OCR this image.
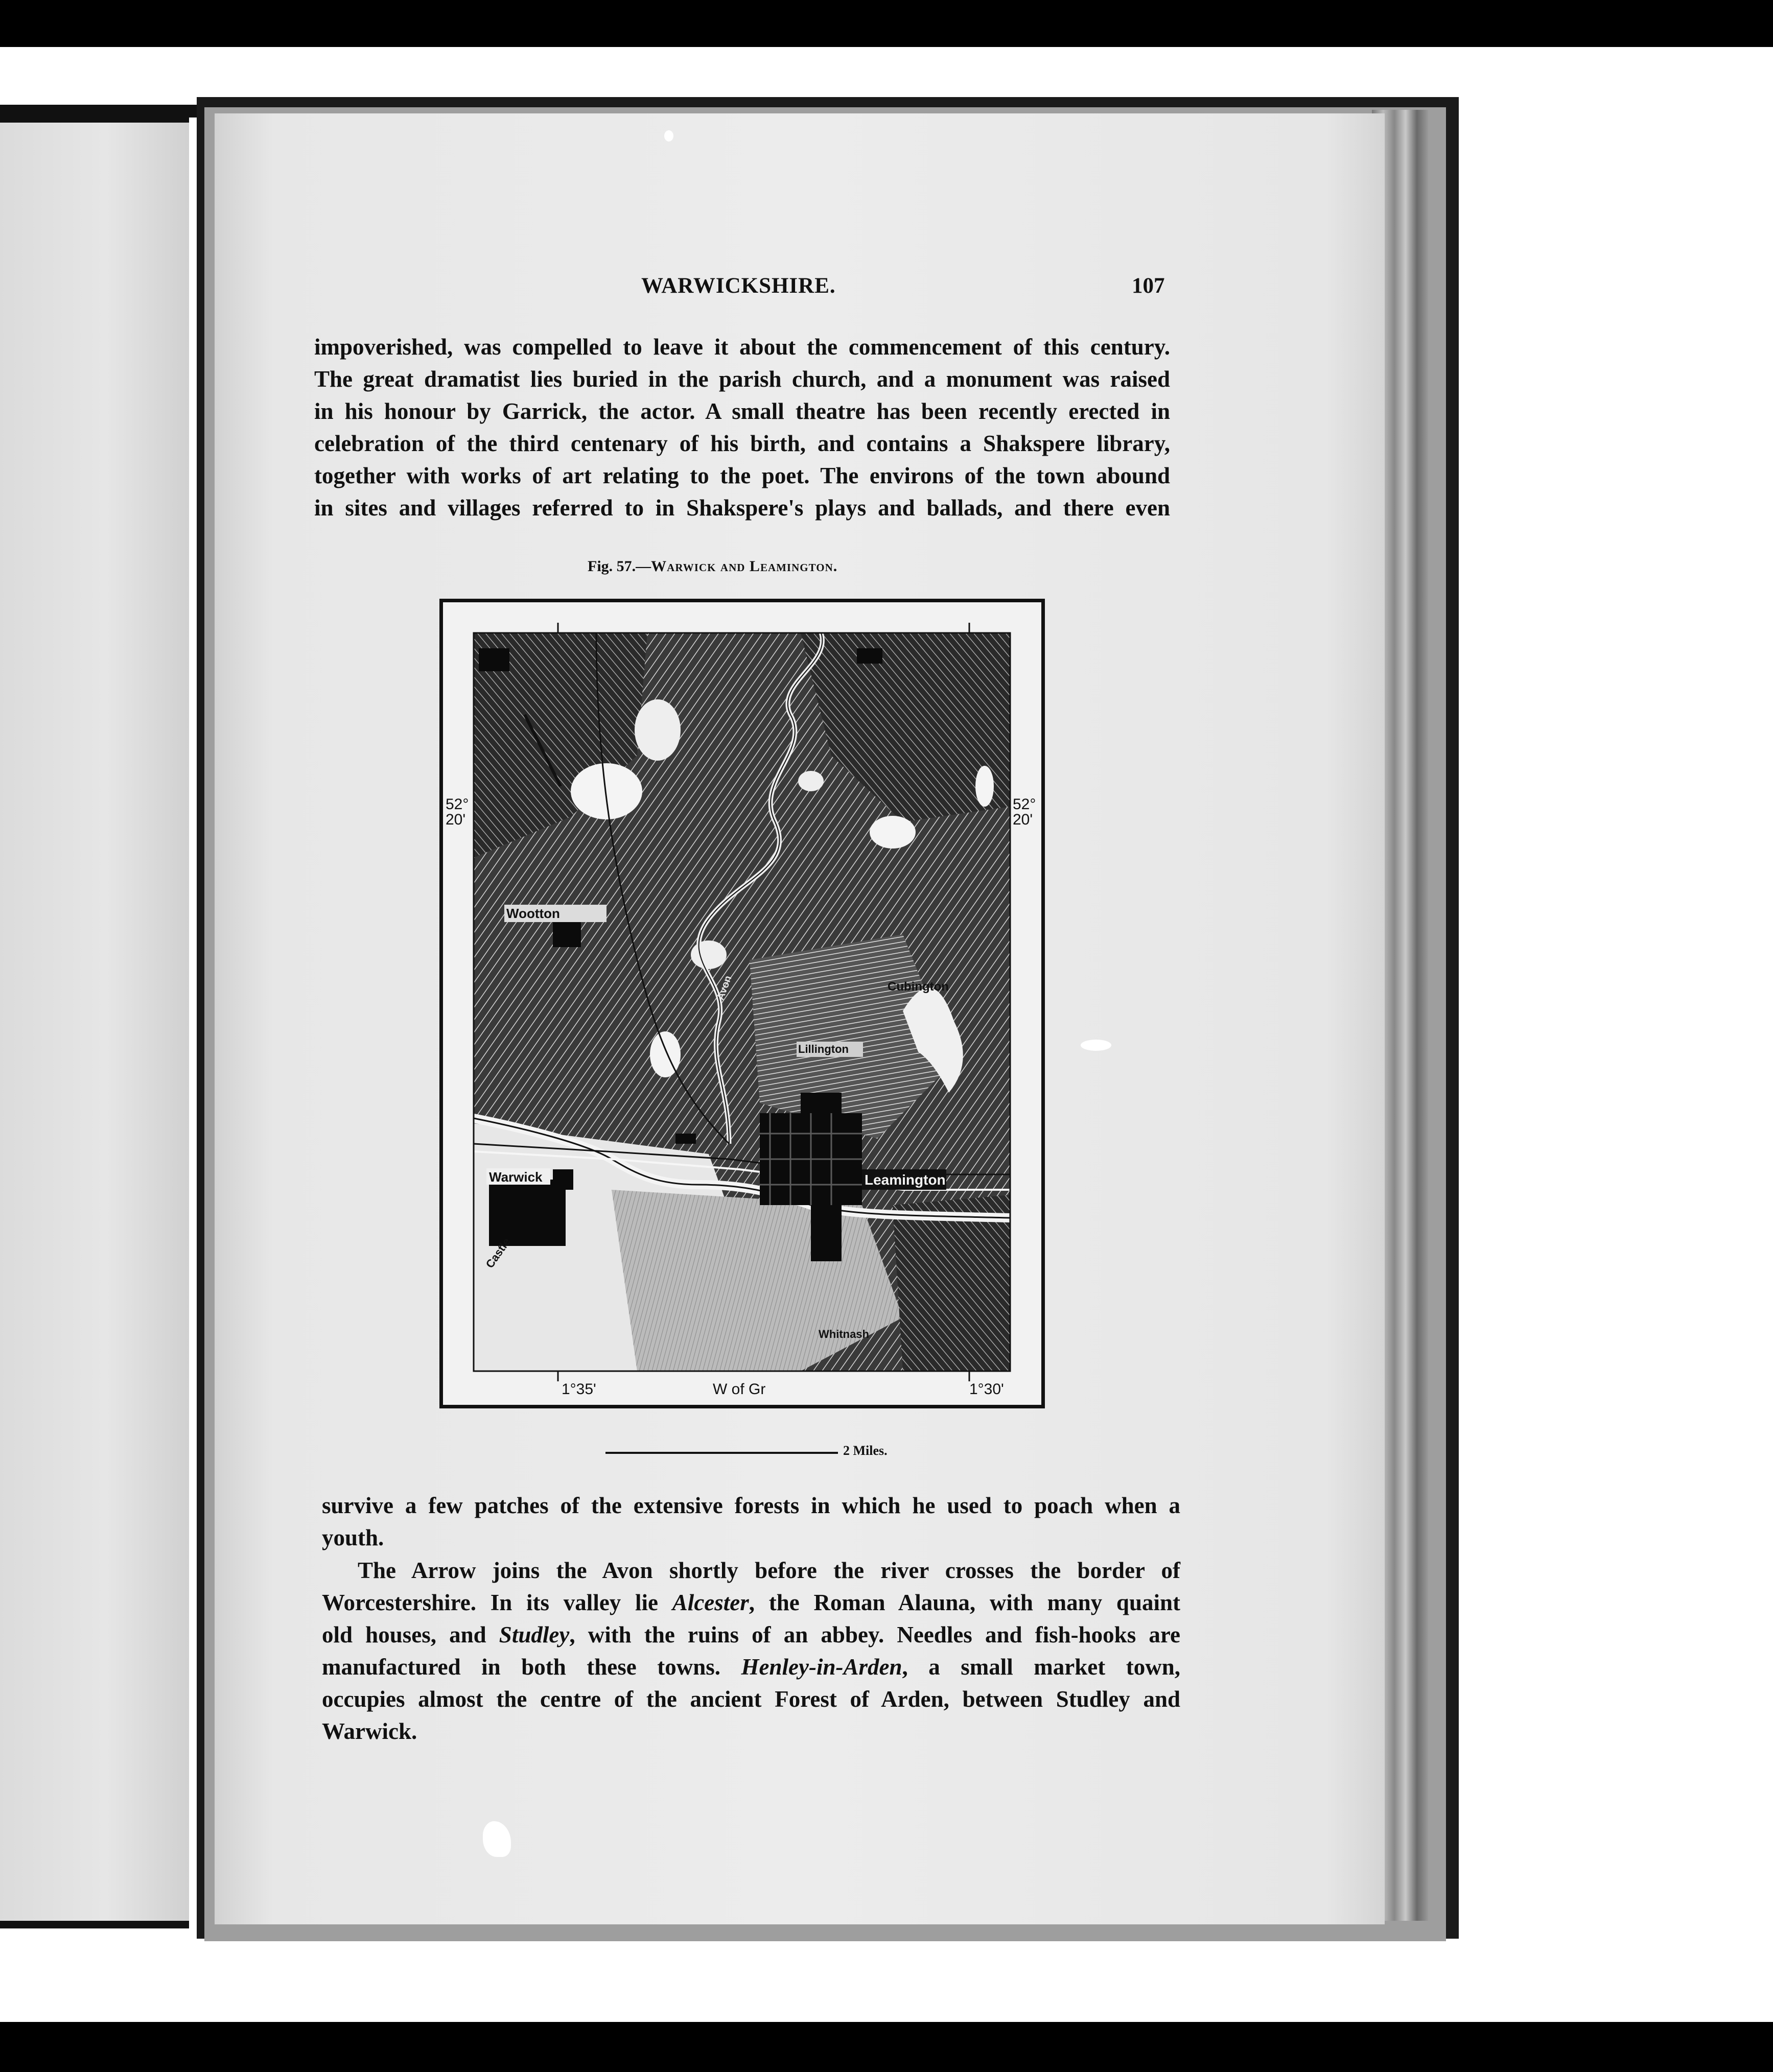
WARWICKSHIRE.	107
impoverished, was compelled to leave it about the commencement of this century.
The great dramatist lies buried in the parish church, and a monument was raised
in his honour by Garrick, the actor. A small theatre has been recently erected in
celebration of the third centenary of his birth, and contains a Shakspere library,
together with works of art relating to the poet. The environs of the town abound
in sites and villages referred to in Shakspere's plays and ballads, and there even
Fig. 57.—Warwick and Leamington.
Wootton
Cubington
Lillington
Leamington
Warwick
Castle
Whitnash
Avon
52°
20'
52°
20'
1°35'	W of Gr	1°30'
2 Miles.
survive a few patches of the extensive forests in which he used to poach when a
youth.
The Arrow joins the Avon shortly before the river crosses the border of
Worcestershire. In its valley lie Alcester, the Roman Alauna, with many quaint
old houses, and Studley, with the ruins of an abbey. Needles and fish-hooks are
manufactured in both these towns. Henley-in-Arden, a small market town,
occupies almost the centre of the ancient Forest of Arden, between Studley and
Warwick.
